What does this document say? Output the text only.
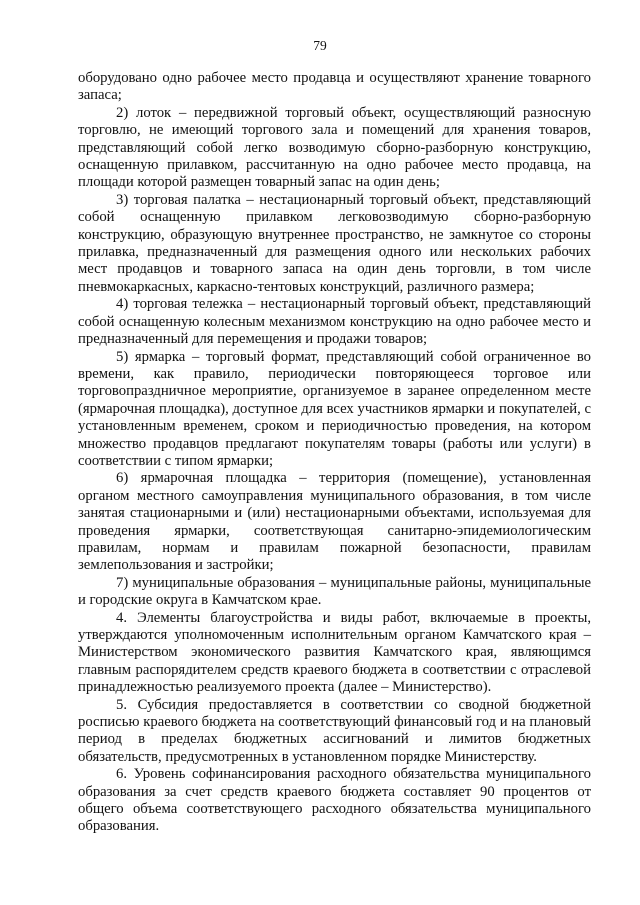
79

оборудовано одно рабочее место продавца и осуществляют хранение товарного запаса;

2) лоток – передвижной торговый объект, осуществляющий разносную торговлю, не имеющий торгового зала и помещений для хранения товаров, представляющий собой легко возводимую сборно-разборную конструкцию, оснащенную прилавком, рассчитанную на одно рабочее место продавца, на площади которой размещен товарный запас на один день;

3) торговая палатка – нестационарный торговый объект, представляющий собой оснащенную прилавком легковозводимую сборно-разборную конструкцию, образующую внутреннее пространство, не замкнутое со стороны прилавка, предназначенный для размещения одного или нескольких рабочих мест продавцов и товарного запаса на один день торговли, в том числе пневмокаркасных, каркасно-тентовых конструкций, различного размера;

4) торговая тележка – нестационарный торговый объект, представляющий собой оснащенную колесным механизмом конструкцию на одно рабочее место и предназначенный для перемещения и продажи товаров;

5) ярмарка – торговый формат, представляющий собой ограниченное во времени, как правило, периодически повторяющееся торговое или торговопраздничное мероприятие, организуемое в заранее определенном месте (ярмарочная площадка), доступное для всех участников ярмарки и покупателей, с установленным временем, сроком и периодичностью проведения, на котором множество продавцов предлагают покупателям товары (работы или услуги) в соответствии с типом ярмарки;

6) ярмарочная площадка – территория (помещение), установленная органом местного самоуправления муниципального образования, в том числе занятая стационарными и (или) нестационарными объектами, используемая для проведения ярмарки, соответствующая санитарно-эпидемиологическим правилам, нормам и правилам пожарной безопасности, правилам землепользования и застройки;

7) муниципальные образования – муниципальные районы, муниципальные и городские округа в Камчатском крае.

4. Элементы благоустройства и виды работ, включаемые в проекты, утверждаются уполномоченным исполнительным органом Камчатского края – Министерством экономического развития Камчатского края, являющимся главным распорядителем средств краевого бюджета в соответствии с отраслевой принадлежностью реализуемого проекта (далее – Министерство).

5. Субсидия предоставляется в соответствии со сводной бюджетной росписью краевого бюджета на соответствующий финансовый год и на плановый период в пределах бюджетных ассигнований и лимитов бюджетных обязательств, предусмотренных в установленном порядке Министерству.

6. Уровень софинансирования расходного обязательства муниципального образования за счет средств краевого бюджета составляет 90 процентов от общего объема соответствующего расходного обязательства муниципального образования.
